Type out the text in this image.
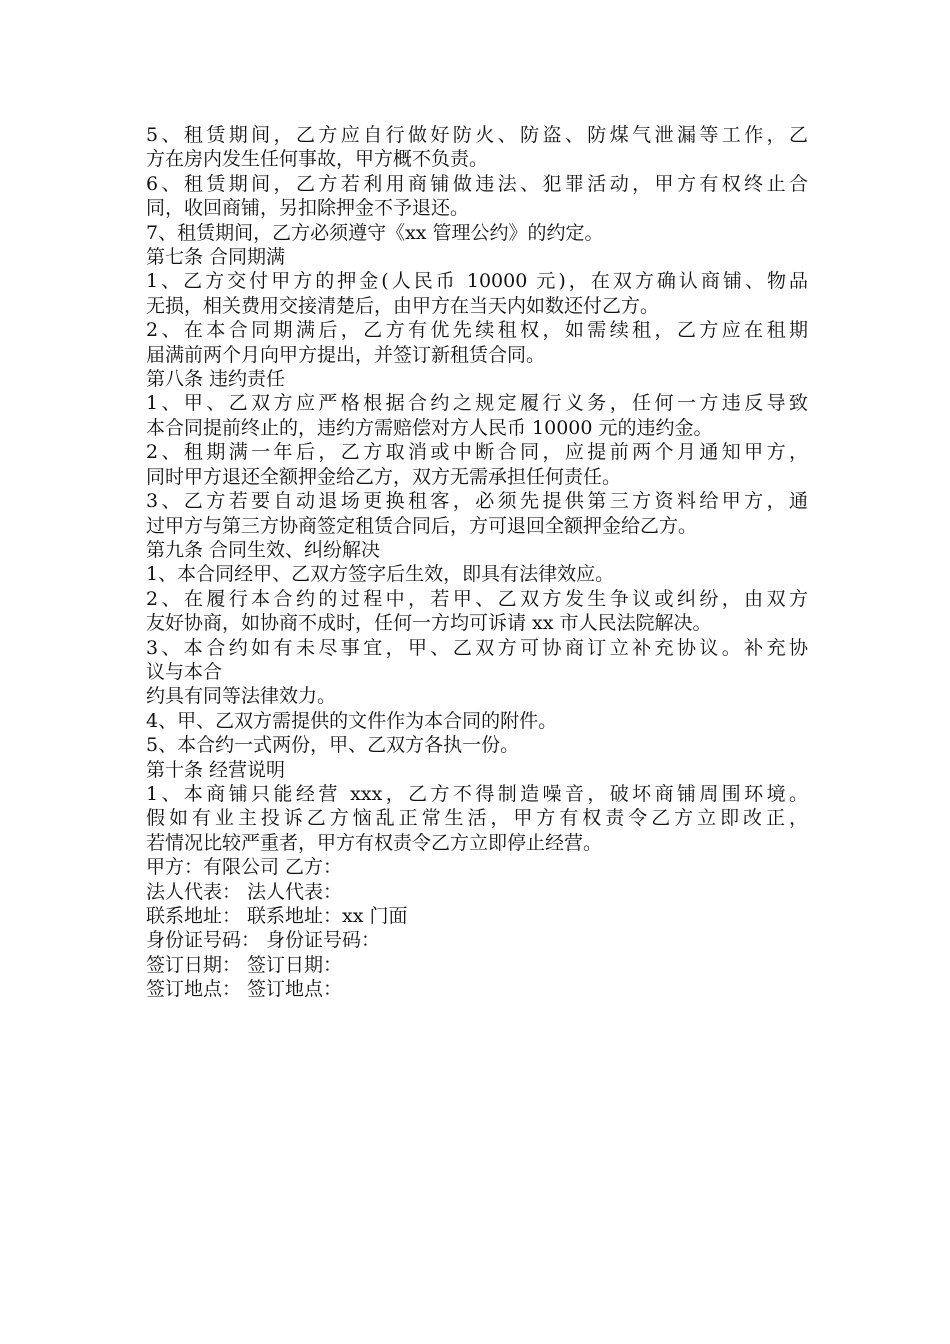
5、租赁期间，乙方应自行做好防火、防盗、防煤气泄漏等工作，乙
方在房内发生任何事故，甲方概不负责。
6、租赁期间，乙方若利用商铺做违法、犯罪活动，甲方有权终止合
同，收回商铺，另扣除押金不予退还。
7、租赁期间，乙方必须遵守《xx 管理公约》的约定。
第七条 合同期满
1、乙方交付甲方的押金(人民币 10000 元)，在双方确认商铺、物品
无损，相关费用交接清楚后，由甲方在当天内如数还付乙方。
2、在本合同期满后，乙方有优先续租权，如需续租，乙方应在租期
届满前两个月向甲方提出，并签订新租赁合同。
第八条 违约责任
1、甲、乙双方应严格根据合约之规定履行义务，任何一方违反导致
本合同提前终止的，违约方需赔偿对方人民币 10000 元的违约金。
2、租期满一年后，乙方取消或中断合同，应提前两个月通知甲方，
同时甲方退还全额押金给乙方，双方无需承担任何责任。
3、乙方若要自动退场更换租客，必须先提供第三方资料给甲方，通
过甲方与第三方协商签定租赁合同后，方可退回全额押金给乙方。
第九条 合同生效、纠纷解决
1、本合同经甲、乙双方签字后生效，即具有法律效应。
2、在履行本合约的过程中，若甲、乙双方发生争议或纠纷，由双方
友好协商，如协商不成时，任何一方均可诉请 xx 市人民法院解决。
3、本合约如有未尽事宜，甲、乙双方可协商订立补充协议。补充协
议与本合
约具有同等法律效力。
4、甲、乙双方需提供的文件作为本合同的附件。
5、本合约一式两份，甲、乙双方各执一份。
第十条 经营说明
1、本商铺只能经营 xxx，乙方不得制造噪音，破坏商铺周围环境。
假如有业主投诉乙方恼乱正常生活，甲方有权责令乙方立即改正，
若情况比较严重者，甲方有权责令乙方立即停止经营。
甲方：有限公司 乙方：
法人代表： 法人代表：
联系地址： 联系地址：xx 门面
身份证号码： 身份证号码：
签订日期： 签订日期：
签订地点： 签订地点：
